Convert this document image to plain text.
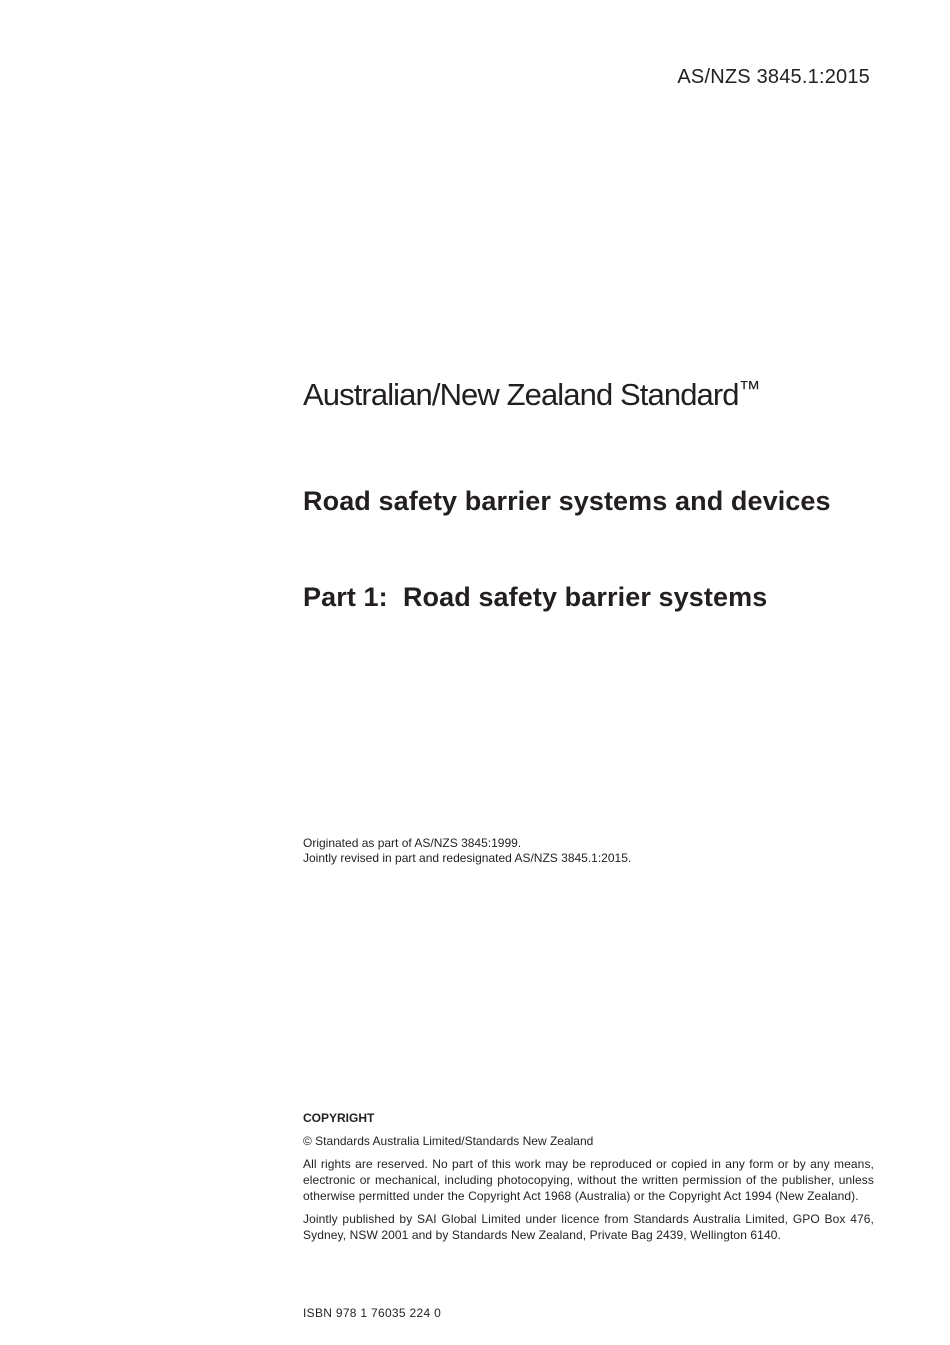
AS/NZS 3845.1:2015
Australian/New Zealand Standard™
Road safety barrier systems and devices
Part 1: Road safety barrier systems
Originated as part of AS/NZS 3845:1999.
Jointly revised in part and redesignated AS/NZS 3845.1:2015.
COPYRIGHT
© Standards Australia Limited/Standards New Zealand

All rights are reserved. No part of this work may be reproduced or copied in any form or by any means, electronic or mechanical, including photocopying, without the written permission of the publisher, unless otherwise permitted under the Copyright Act 1968 (Australia) or the Copyright Act 1994 (New Zealand).

Jointly published by SAI Global Limited under licence from Standards Australia Limited, GPO Box 476, Sydney, NSW 2001 and by Standards New Zealand, Private Bag 2439, Wellington 6140.

ISBN 978 1 76035 224 0
